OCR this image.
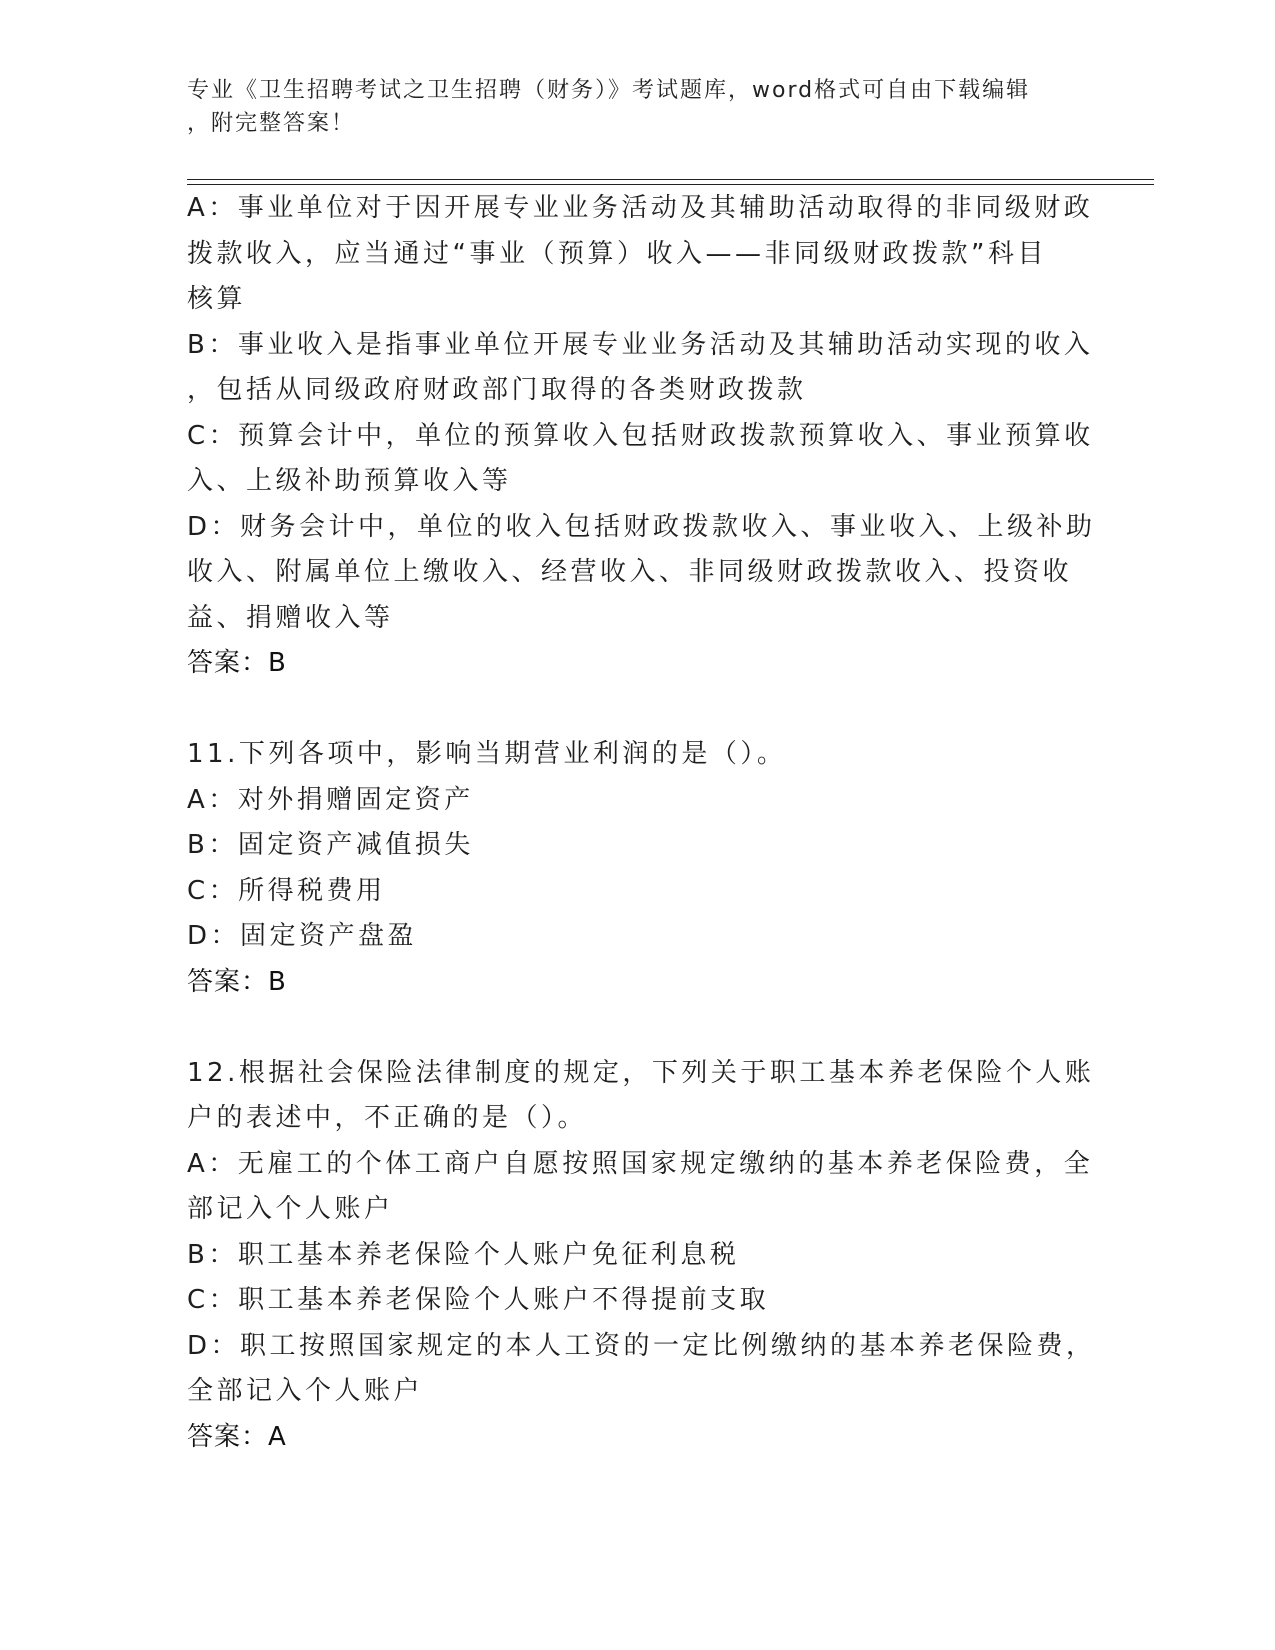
专业《卫生招聘考试之卫生招聘（财务）》考试题库，word格式可自由下载编辑
，附完整答案！
A：事业单位对于因开展专业业务活动及其辅助活动取得的非同级财政
拨款收入，应当通过“事业（预算）收入——非同级财政拨款”科目
核算
B：事业收入是指事业单位开展专业业务活动及其辅助活动实现的收入
，包括从同级政府财政部门取得的各类财政拨款
C：预算会计中，单位的预算收入包括财政拨款预算收入、事业预算收
入、上级补助预算收入等
D：财务会计中，单位的收入包括财政拨款收入、事业收入、上级补助
收入、附属单位上缴收入、经营收入、非同级财政拨款收入、投资收
益、捐赠收入等
答案：B
11.下列各项中，影响当期营业利润的是（）。
A：对外捐赠固定资产
B：固定资产减值损失
C：所得税费用
D：固定资产盘盈
答案：B
12.根据社会保险法律制度的规定，下列关于职工基本养老保险个人账
户的表述中，不正确的是（）。
A：无雇工的个体工商户自愿按照国家规定缴纳的基本养老保险费，全
部记入个人账户
B：职工基本养老保险个人账户免征利息税
C：职工基本养老保险个人账户不得提前支取
D：职工按照国家规定的本人工资的一定比例缴纳的基本养老保险费，
全部记入个人账户
答案：A
